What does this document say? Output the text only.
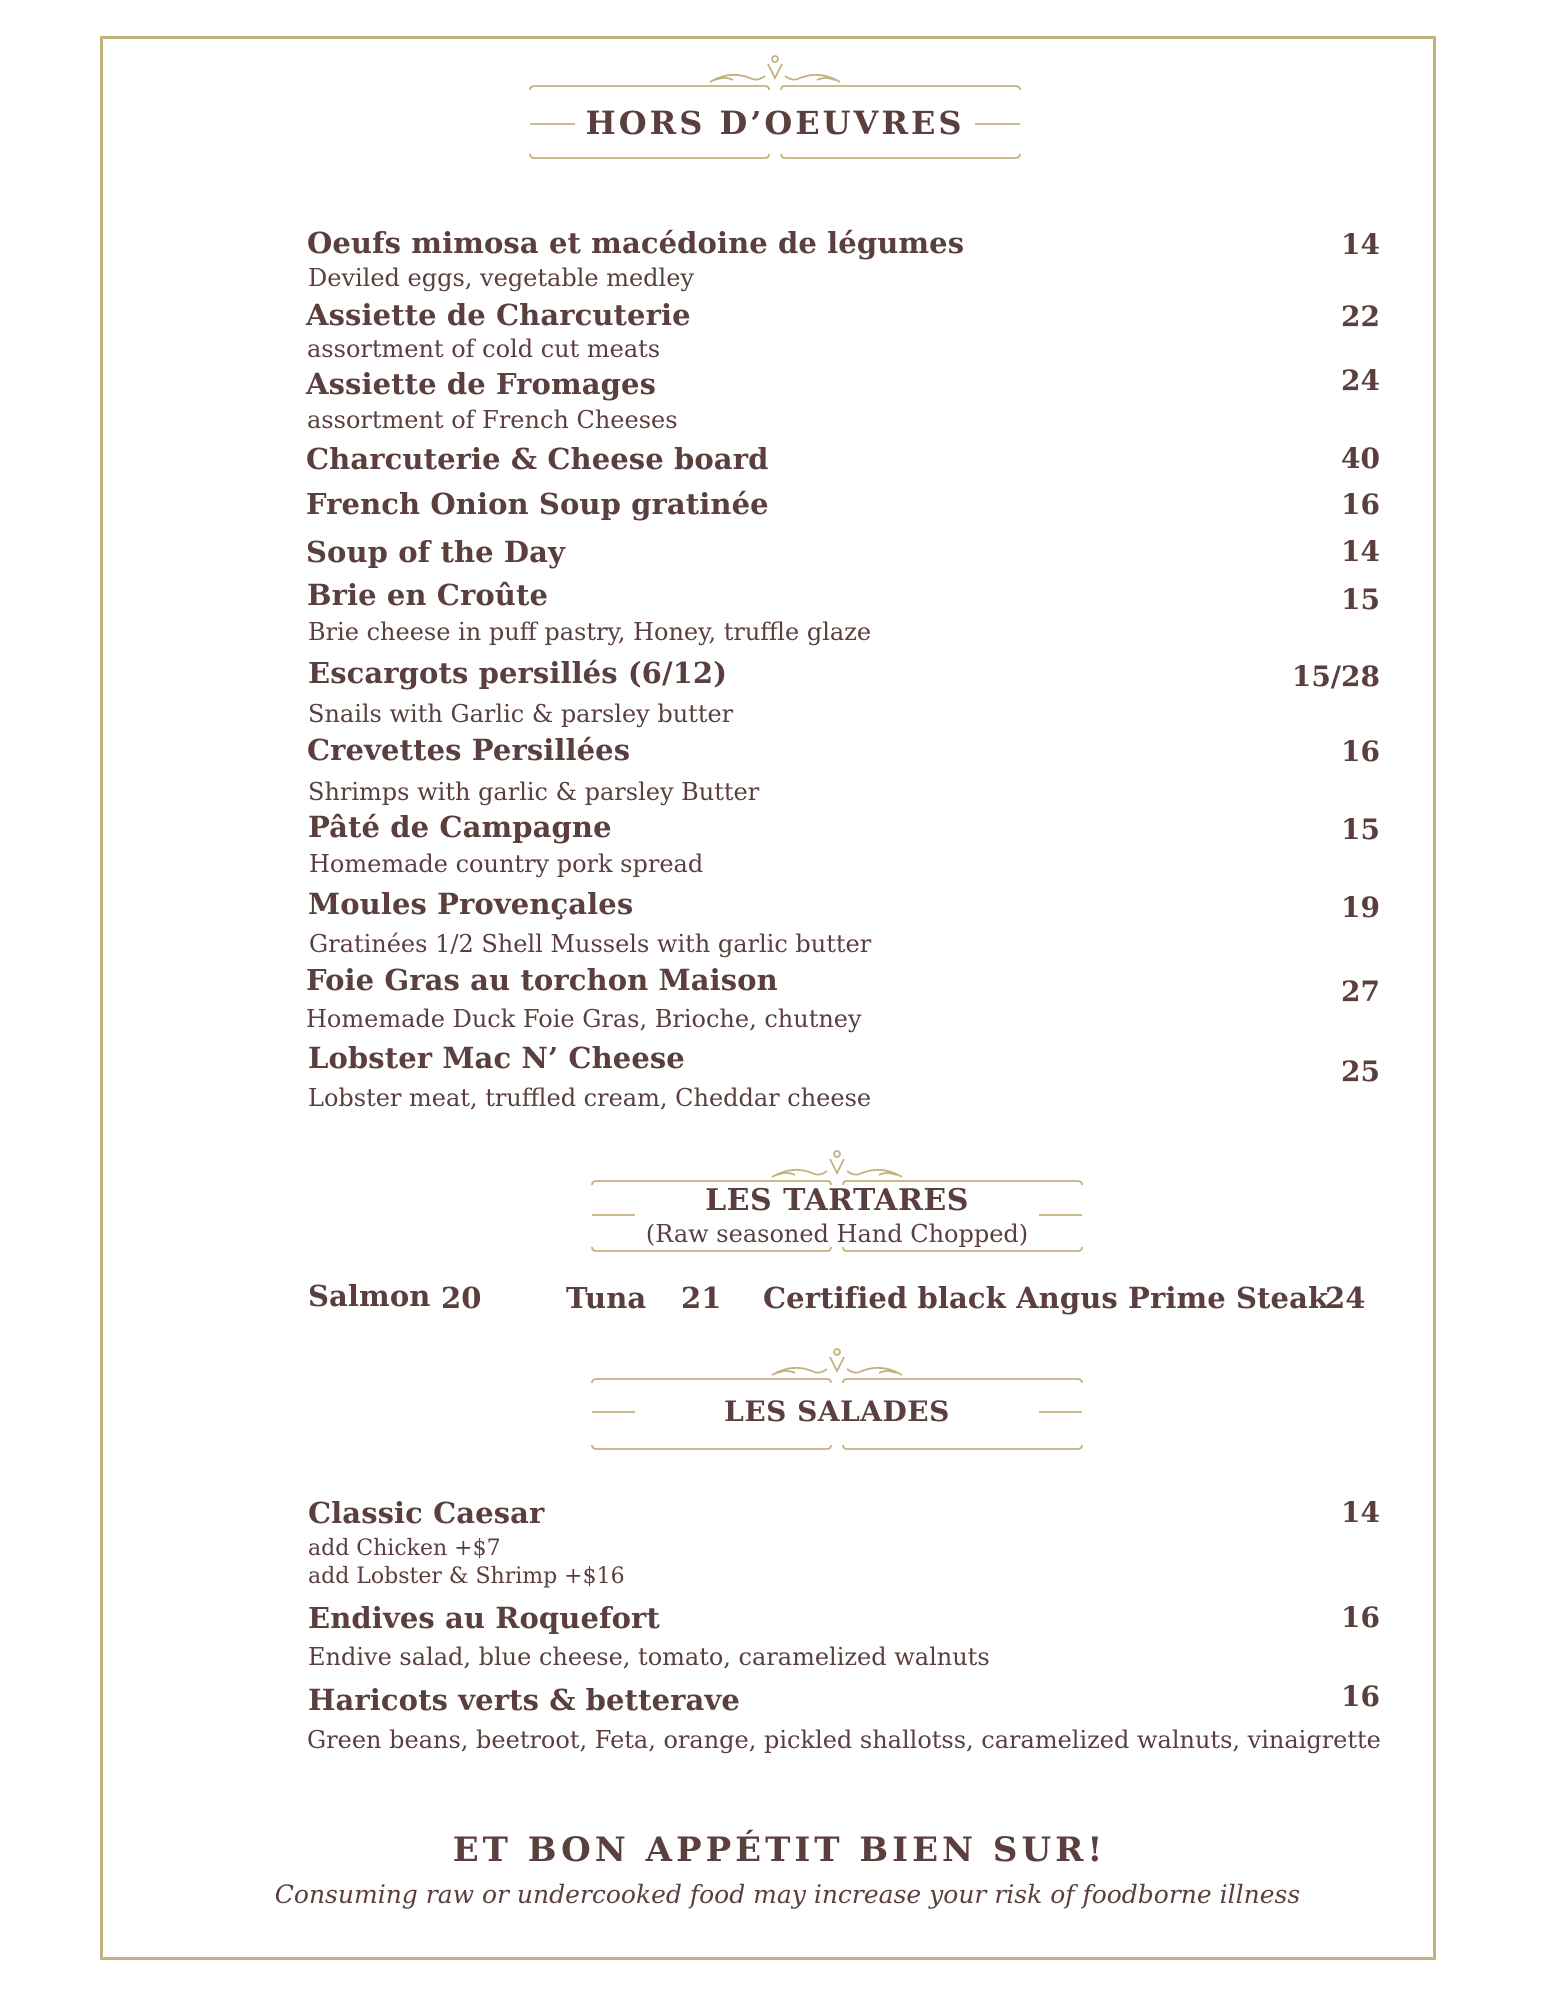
HORS D’OEUVRES
Oeufs mimosa et macédoine de légumes
Deviled eggs, vegetable medley
14
Assiette de Charcuterie
assortment of cold cut meats
22
Assiette de Fromages
assortment of French Cheeses
24
Charcuterie & Cheese board	40
French Onion Soup gratinée	16
Soup of the Day	14
Brie en Croûte
Brie cheese in puff pastry, Honey, truffle glaze
15
Escargots persillés (6/12)
Snails with Garlic & parsley butter
15/28
Crevettes Persillées
Shrimps with garlic & parsley Butter
16
Pâté de Campagne
Homemade country pork spread
15
Moules Provençales
Gratinées 1/2 Shell Mussels with garlic butter
19
Foie Gras au torchon Maison
Homemade Duck Foie Gras, Brioche, chutney
27
Lobster Mac N’ Cheese
Lobster meat, truffled cream, Cheddar cheese
25
LES TARTARES
(Raw seasoned Hand Chopped)
Salmon 20	Tuna 21 Certified black Angus Prime Steak
24
LES SALADES
Classic Caesar
add Chicken +$7
add Lobster & Shrimp +$16
14
Endives au Roquefort
Endive salad, blue cheese, tomato, caramelized walnuts
16
Haricots verts & betterave
Green beans, beetroot, Feta, orange, pickled shallotss, caramelized walnuts, vinaigrette
16
ET BON APPÉTIT BIEN SUR!
Consuming raw or undercooked food may increase your risk of foodborne illness
